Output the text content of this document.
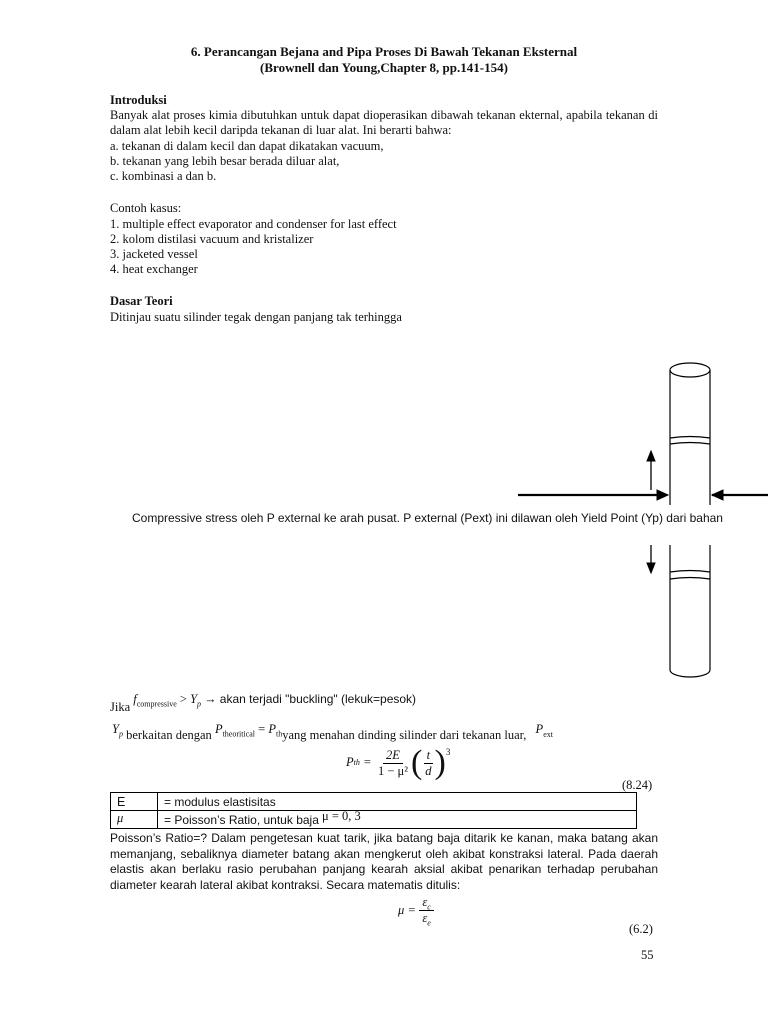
6. Perancangan Bejana and Pipa Proses Di Bawah Tekanan Eksternal
(Brownell dan Young,Chapter 8, pp.141-154)
Introduksi
Banyak alat proses kimia dibutuhkan untuk dapat dioperasikan dibawah tekanan ekternal, apabila tekanan di dalam alat lebih kecil daripda tekanan di luar alat. Ini berarti bahwa:
a. tekanan di dalam kecil dan dapat dikatakan vacuum,
b. tekanan yang lebih besar berada diluar alat,
c. kombinasi a dan b.
Contoh kasus:
1. multiple effect evaporator and condenser for last effect
2. kolom distilasi vacuum and kristalizer
3. jacketed vessel
4. heat exchanger
Dasar Teori
Ditinjau suatu silinder tegak dengan panjang tak terhingga
Compressive stress oleh P external ke arah pusat. P external (Pext) ini dilawan oleh Yield Point (Yp) dari bahan
Jika $f_{compressive} > Y_p$ → akan terjadi "buckling" (lekuk=pesok)
$Y_p$ berkaitan dengan $P_{theoritical}$ = $P_{th}yang$ menahan dinding silinder dari tekanan luar, $P_{ext}$
P th = $\frac{2E}{\text{1 − μ²}}$ ( $\frac{t}{d} )^3$
(8.24)
E	= modulus elastisitas
μ	= Poisson’s Ratio, untuk baja μ = 0, 3
Poisson’s Ratio=? Dalam pengetesan kuat tarik, jika batang baja ditarik ke kanan, maka batang akan memanjang, sebaliknya diameter batang akan mengkerut oleh akibat konstraksi lateral. Pada daerah elastis akan berlaku rasio perubahan panjang kearah aksial akibat penarikan terhadap perubahan diameter kearah lateral akibat kontraksi. Secara matematis ditulis:
$\mu = \frac{\varepsilon_c}{\varepsilon_e}$
(6.2)
55
